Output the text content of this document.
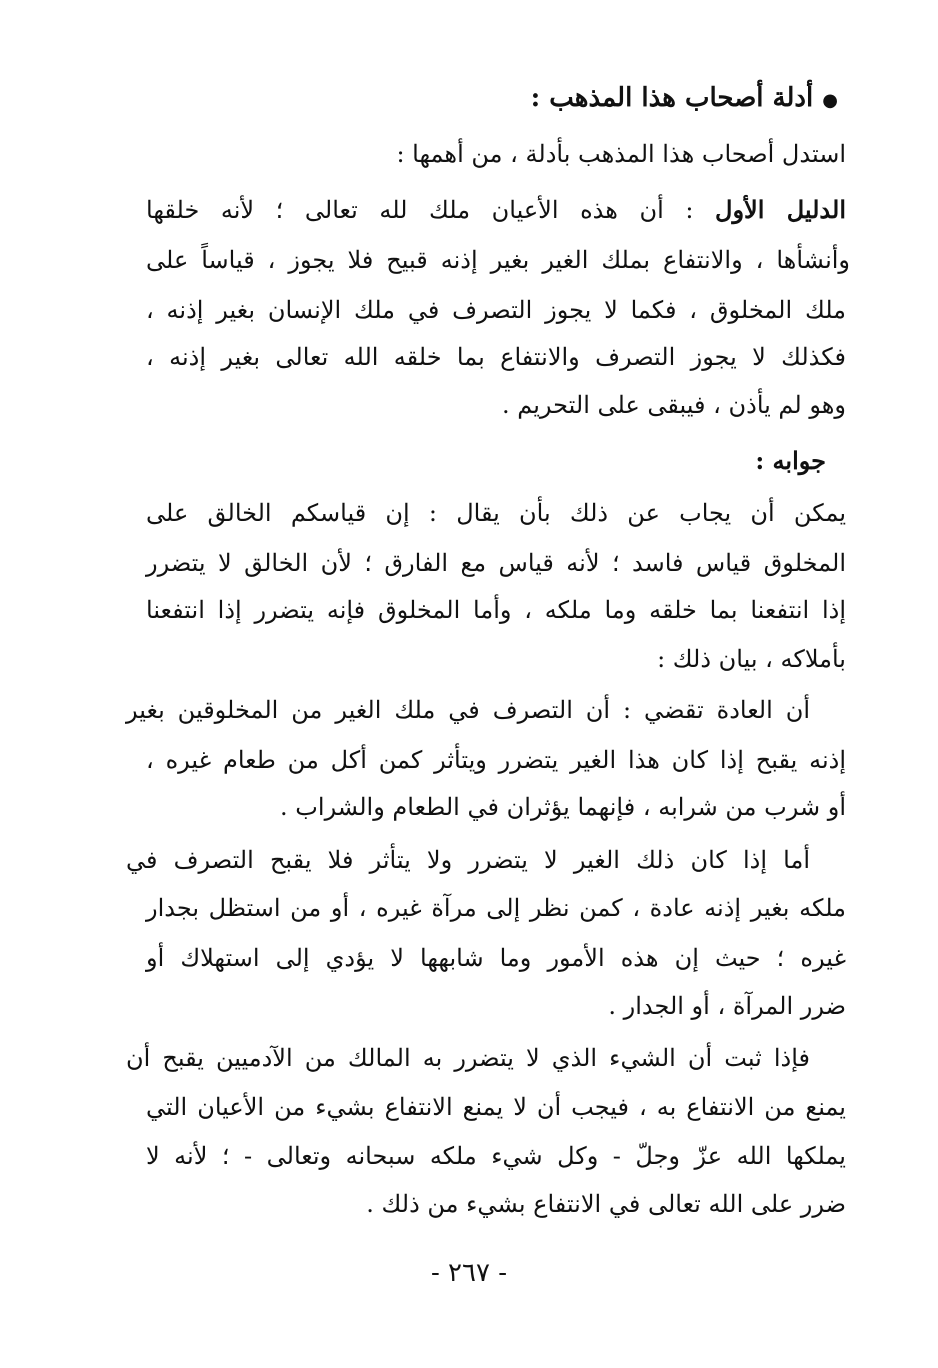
● أدلة أصحاب هذا المذهب :
استدل أصحاب هذا المذهب بأدلة ، من أهمها :
الدليل الأول : أن هذه الأعيان ملك لله تعالى ؛ لأنه خلقها
وأنشأها ، والانتفاع بملك الغير بغير إذنه قبيح فلا يجوز ، قياساً على
ملك المخلوق ، فكما لا يجوز التصرف في ملك الإنسان بغير إذنه ،
فكذلك لا يجوز التصرف والانتفاع بما خلقه الله تعالى بغير إذنه ،
وهو لم يأذن ، فيبقى على التحريم .
جوابه :
يمكن أن يجاب عن ذلك بأن يقال : إن قياسكم الخالق على
المخلوق قياس فاسد ؛ لأنه قياس مع الفارق ؛ لأن الخالق لا يتضرر
إذا انتفعنا بما خلقه وما ملكه ، وأما المخلوق فإنه يتضرر إذا انتفعنا
بأملاكه ، بيان ذلك :
أن العادة تقضي : أن التصرف في ملك الغير من المخلوقين بغير
إذنه يقبح إذا كان هذا الغير يتضرر ويتأثر كمن أكل من طعام غيره ،
أو شرب من شرابه ، فإنهما يؤثران في الطعام والشراب .
أما إذا كان ذلك الغير لا يتضرر ولا يتأثر فلا يقبح التصرف في
ملكه بغير إذنه عادة ، كمن نظر إلى مرآة غيره ، أو من استظل بجدار
غيره ؛ حيث إن هذه الأمور وما شابهها لا يؤدي إلى استهلاك أو
ضرر المرآة ، أو الجدار .
فإذا ثبت أن الشيء الذي لا يتضرر به المالك من الآدميين يقبح أن
يمنع من الانتفاع به ، فيجب أن لا يمنع الانتفاع بشيء من الأعيان التي
يملكها الله عزّ وجلّ - وكل شيء ملكه سبحانه وتعالى - ؛ لأنه لا
ضرر على الله تعالى في الانتفاع بشيء من ذلك .
- ٢٦٧ -
